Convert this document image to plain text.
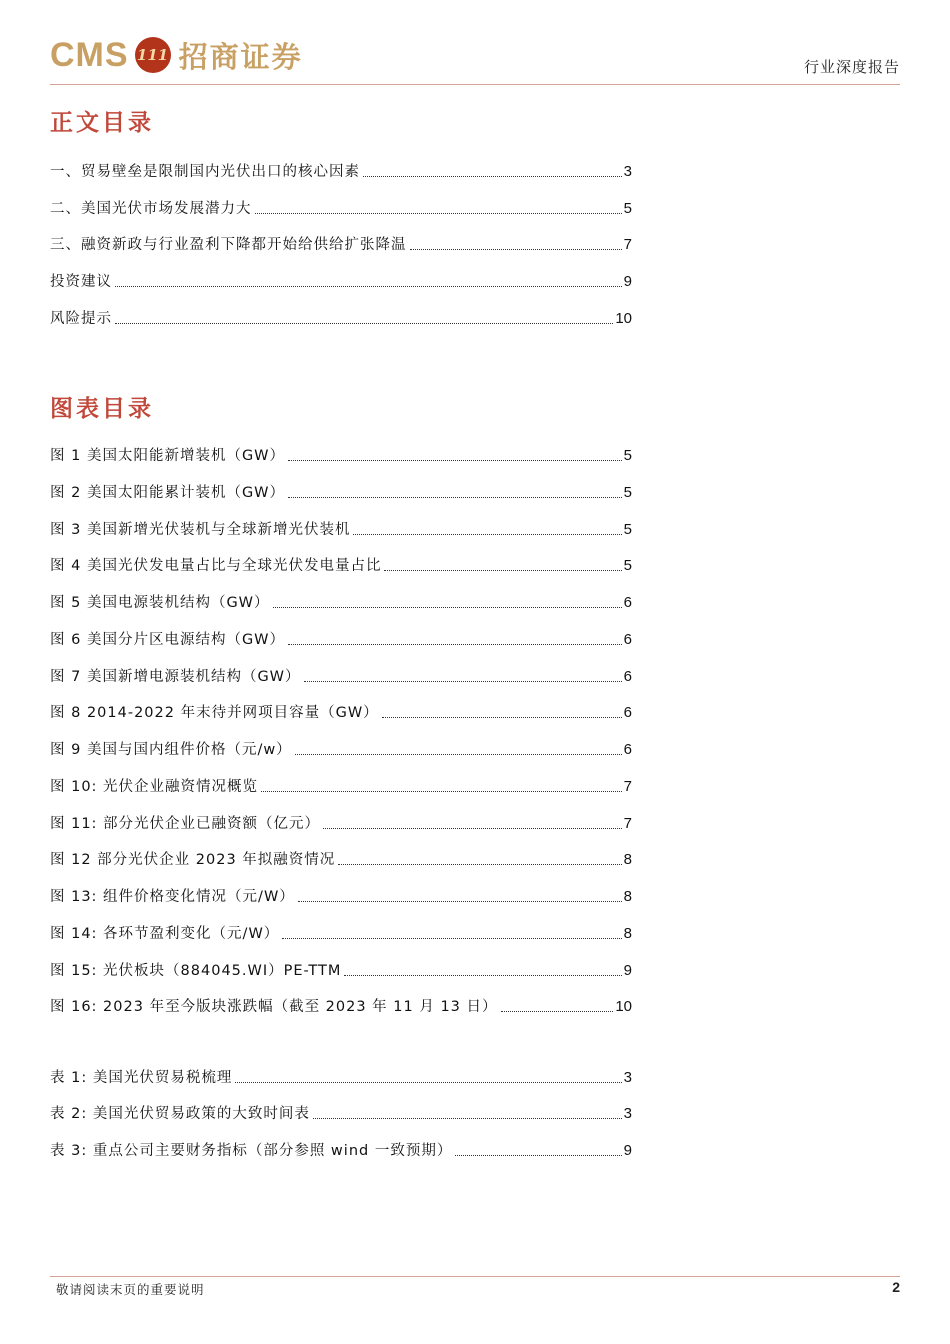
CMS 111 招商证券	行业深度报告
正文目录
一、贸易壁垒是限制国内光伏出口的核心因素	3
二、美国光伏市场发展潜力大	5
三、融资新政与行业盈利下降都开始给供给扩张降温	7
投资建议	9
风险提示	10
图表目录
图 1 美国太阳能新增装机（GW）	5
图 2 美国太阳能累计装机（GW）	5
图 3 美国新增光伏装机与全球新增光伏装机	5
图 4 美国光伏发电量占比与全球光伏发电量占比	5
图 5 美国电源装机结构（GW）	6
图 6 美国分片区电源结构（GW）	6
图 7 美国新增电源装机结构（GW）	6
图 8 2014-2022 年末待并网项目容量（GW）	6
图 9 美国与国内组件价格（元/w）	6
图 10: 光伏企业融资情况概览	7
图 11: 部分光伏企业已融资额（亿元）	7
图 12 部分光伏企业 2023 年拟融资情况	8
图 13: 组件价格变化情况（元/W）	8
图 14: 各环节盈利变化（元/W）	8
图 15: 光伏板块（884045.WI）PE-TTM	9
图 16: 2023 年至今版块涨跌幅（截至 2023 年 11 月 13 日）	10
表 1: 美国光伏贸易税梳理	3
表 2: 美国光伏贸易政策的大致时间表	3
表 3: 重点公司主要财务指标（部分参照 wind 一致预期）	9
敬请阅读末页的重要说明	2
